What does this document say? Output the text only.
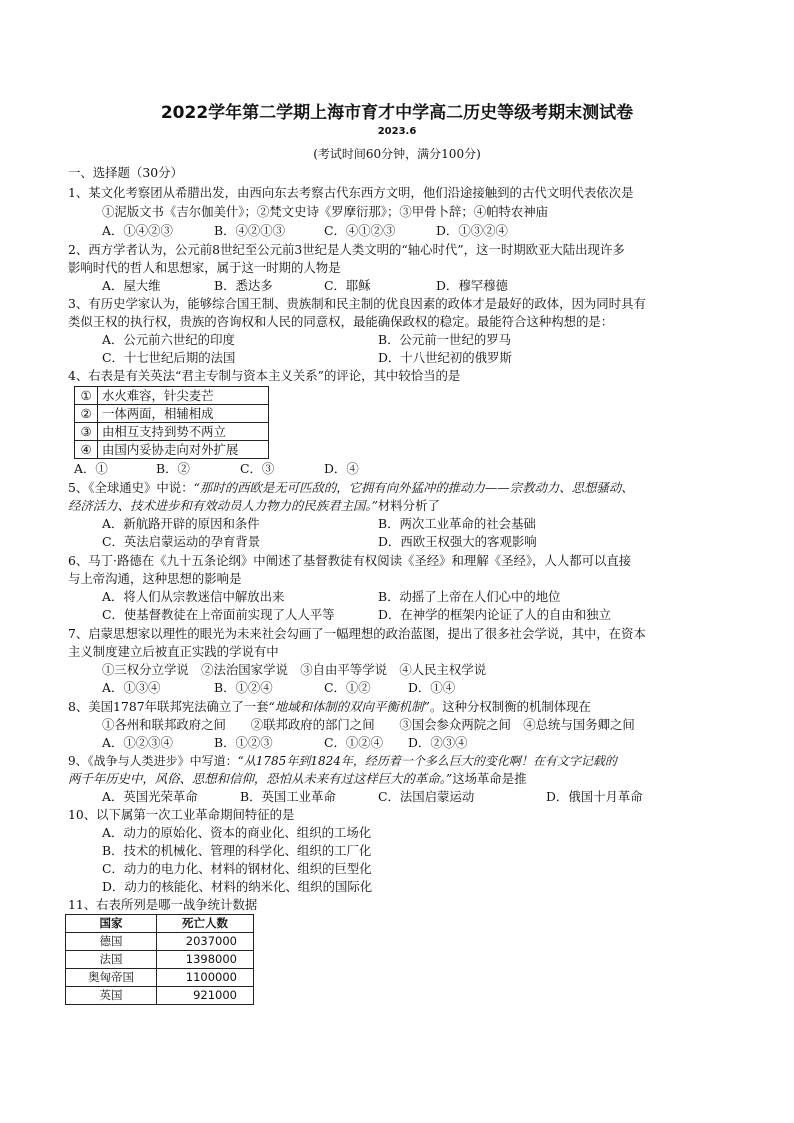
2022学年第二学期上海市育才中学高二历史等级考期末测试卷
2023.6
(考试时间60分钟，满分100分)
一、选择题（30分）
1、某文化考察团从希腊出发，由西向东去考察古代东西方文明，他们沿途接触到的古代文明代表依次是
①泥版文书《吉尔伽美什》；②梵文史诗《罗摩衍那》；③甲骨卜辞；④帕特农神庙
A．①④②③	B．④②①③	C．④①②③	D．①③②④
2、西方学者认为，公元前8世纪至公元前3世纪是人类文明的“轴心时代”，这一时期欧亚大陆出现许多
影响时代的哲人和思想家，属于这一时期的人物是
A．屋大维	B．悉达多	C．耶稣	D．穆罕穆德
3、有历史学家认为，能够综合国王制、贵族制和民主制的优良因素的政体才是最好的政体，因为同时具有
类似王权的执行权，贵族的咨询权和人民的同意权，最能确保政权的稳定。最能符合这种构想的是：
A．公元前六世纪的印度	B．公元前一世纪的罗马
C．十七世纪后期的法国	D．十八世纪初的俄罗斯
4、右表是有关英法“君主专制与资本主义关系”的评论，其中较恰当的是
①	水火难容，针尖麦芒
②	一体两面，相辅相成
③	由相互支持到势不两立
④	由国内妥协走向对外扩展
A．①	B．②	C．③	D．④
5、《全球通史》中说：“那时的西欧是无可匹敌的，它拥有向外猛冲的推动力——宗教动力、思想骚动、
经济活力、技术进步和有效动员人力物力的民族君主国。”材料分析了
A．新航路开辟的原因和条件	B．两次工业革命的社会基础
C．英法启蒙运动的孕育背景	D．西欧王权强大的客观影响
6、马丁·路德在《九十五条论纲》中阐述了基督教徒有权阅读《圣经》和理解《圣经》，人人都可以直接
与上帝沟通，这种思想的影响是
A．将人们从宗教迷信中解放出来	B．动摇了上帝在人们心中的地位
C．使基督教徒在上帝面前实现了人人平等	D．在神学的框架内论证了人的自由和独立
7、启蒙思想家以理性的眼光为未来社会勾画了一幅理想的政治蓝图，提出了很多社会学说，其中，在资本
主义制度建立后被直正实践的学说有中
①三权分立学说　②法治国家学说　③自由平等学说　④人民主权学说
A．①③④	B．①②④	C．①②	D．①④
8、美国1787年联邦宪法确立了一套“地域和体制的双向平衡机制”。这种分权制衡的机制体现在
①各州和联邦政府之间　　②联邦政府的部门之间　　③国会参众两院之间　④总统与国务卿之间
A．①②③④	B．①②③	C．①②④ D．②③④
9、《战争与人类进步》中写道：“从1785年到1824年，经历着一个多么巨大的变化啊！在有文字记载的
两千年历史中，风俗、思想和信仰，恐怕从未来有过这样巨大的革命。”这场革命是推
A．英国光荣革命	B．英国工业革命	C．法国启蒙运动	D．俄国十月革命
10、以下属第一次工业革命期间特征的是
A．动力的原始化、资本的商业化、组织的工场化
B．技术的机械化、管理的科学化、组织的工厂化
C．动力的电力化、材料的钢材化、组织的巨型化
D．动力的核能化、材料的纳米化、组织的国际化
11、右表所列是哪一战争统计数据
国家	死亡人数
德国	2037000
法国	1398000
奥匈帝国	1100000
英国	921000
